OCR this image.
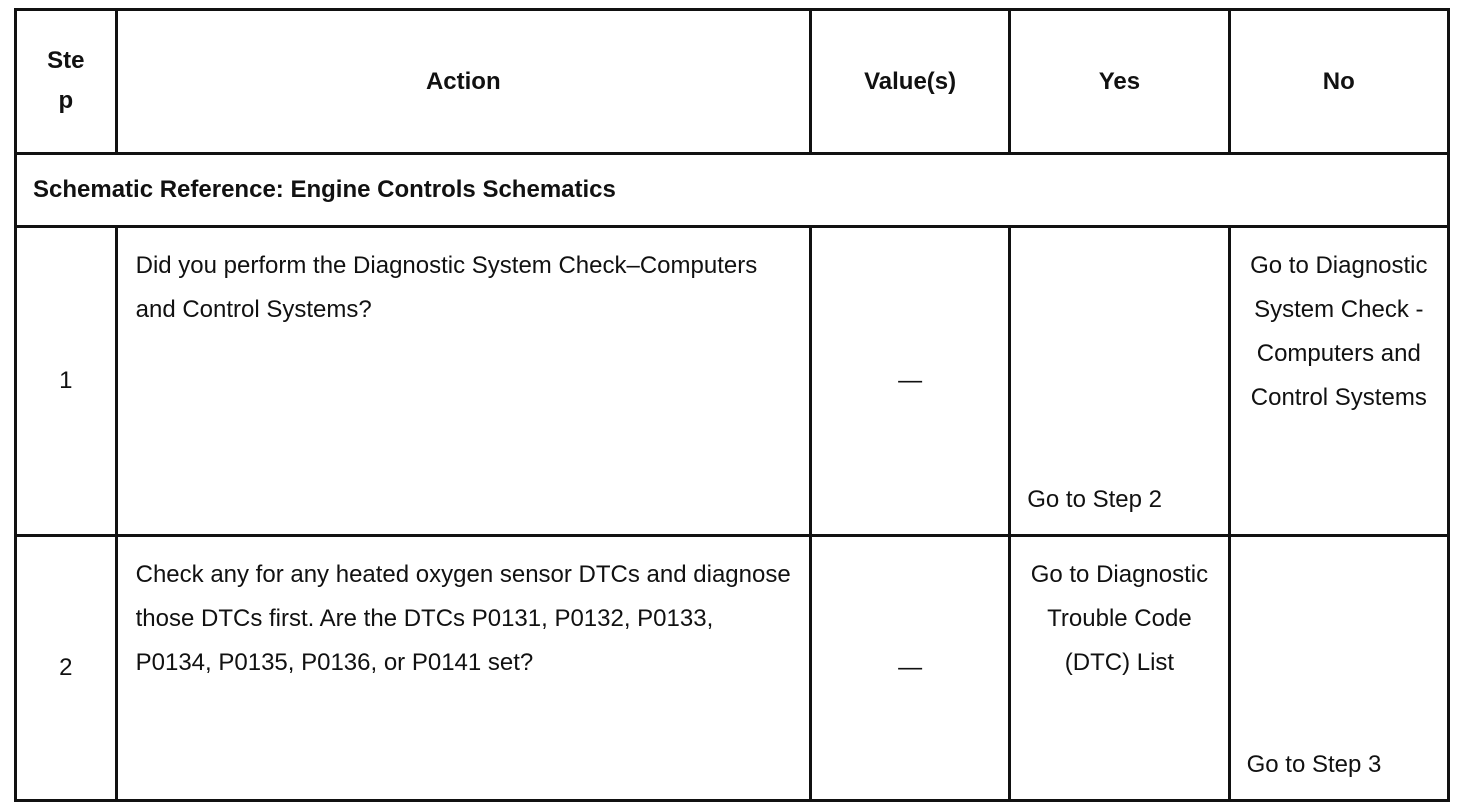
Step	Action	Value(s)	Yes	No
Schematic Reference: Engine Controls Schematics				
1	Did you perform the Diagnostic System Check–Computers and Control Systems?	—	Go to Step 2	Go to Diagnostic System Check - Computers and Control Systems
2	Check any for any heated oxygen sensor DTCs and diagnose those DTCs first. Are the DTCs P0131, P0132, P0133, P0134, P0135, P0136, or P0141 set?	—	Go to Diagnostic Trouble Code (DTC) List	Go to Step 3
